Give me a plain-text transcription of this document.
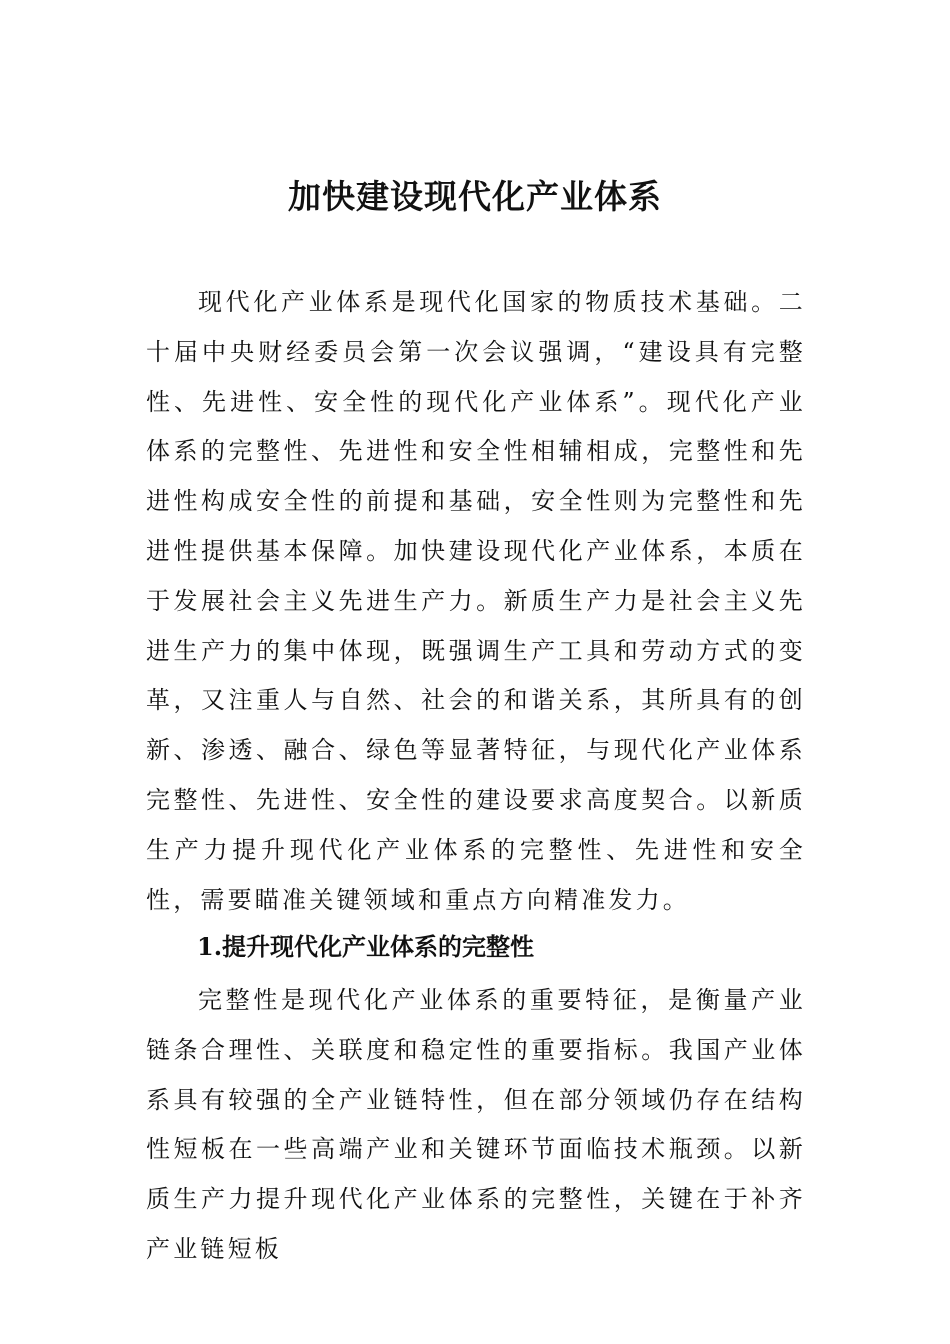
加快建设现代化产业体系

现代化产业体系是现代化国家的物质技术基础。二十届中央财经委员会第一次会议强调，“建设具有完整性、先进性、安全性的现代化产业体系”。现代化产业体系的完整性、先进性和安全性相辅相成，完整性和先进性构成安全性的前提和基础，安全性则为完整性和先进性提供基本保障。加快建设现代化产业体系，本质在于发展社会主义先进生产力。新质生产力是社会主义先进生产力的集中体现，既强调生产工具和劳动方式的变革，又注重人与自然、社会的和谐关系，其所具有的创新、渗透、融合、绿色等显著特征，与现代化产业体系完整性、先进性、安全性的建设要求高度契合。以新质生产力提升现代化产业体系的完整性、先进性和安全性，需要瞄准关键领域和重点方向精准发力。

1.提升现代化产业体系的完整性

完整性是现代化产业体系的重要特征，是衡量产业链条合理性、关联度和稳定性的重要指标。我国产业体系具有较强的全产业链特性，但在部分领域仍存在结构性短板在一些高端产业和关键环节面临技术瓶颈。以新质生产力提升现代化产业体系的完整性，关键在于补齐产业链短板
